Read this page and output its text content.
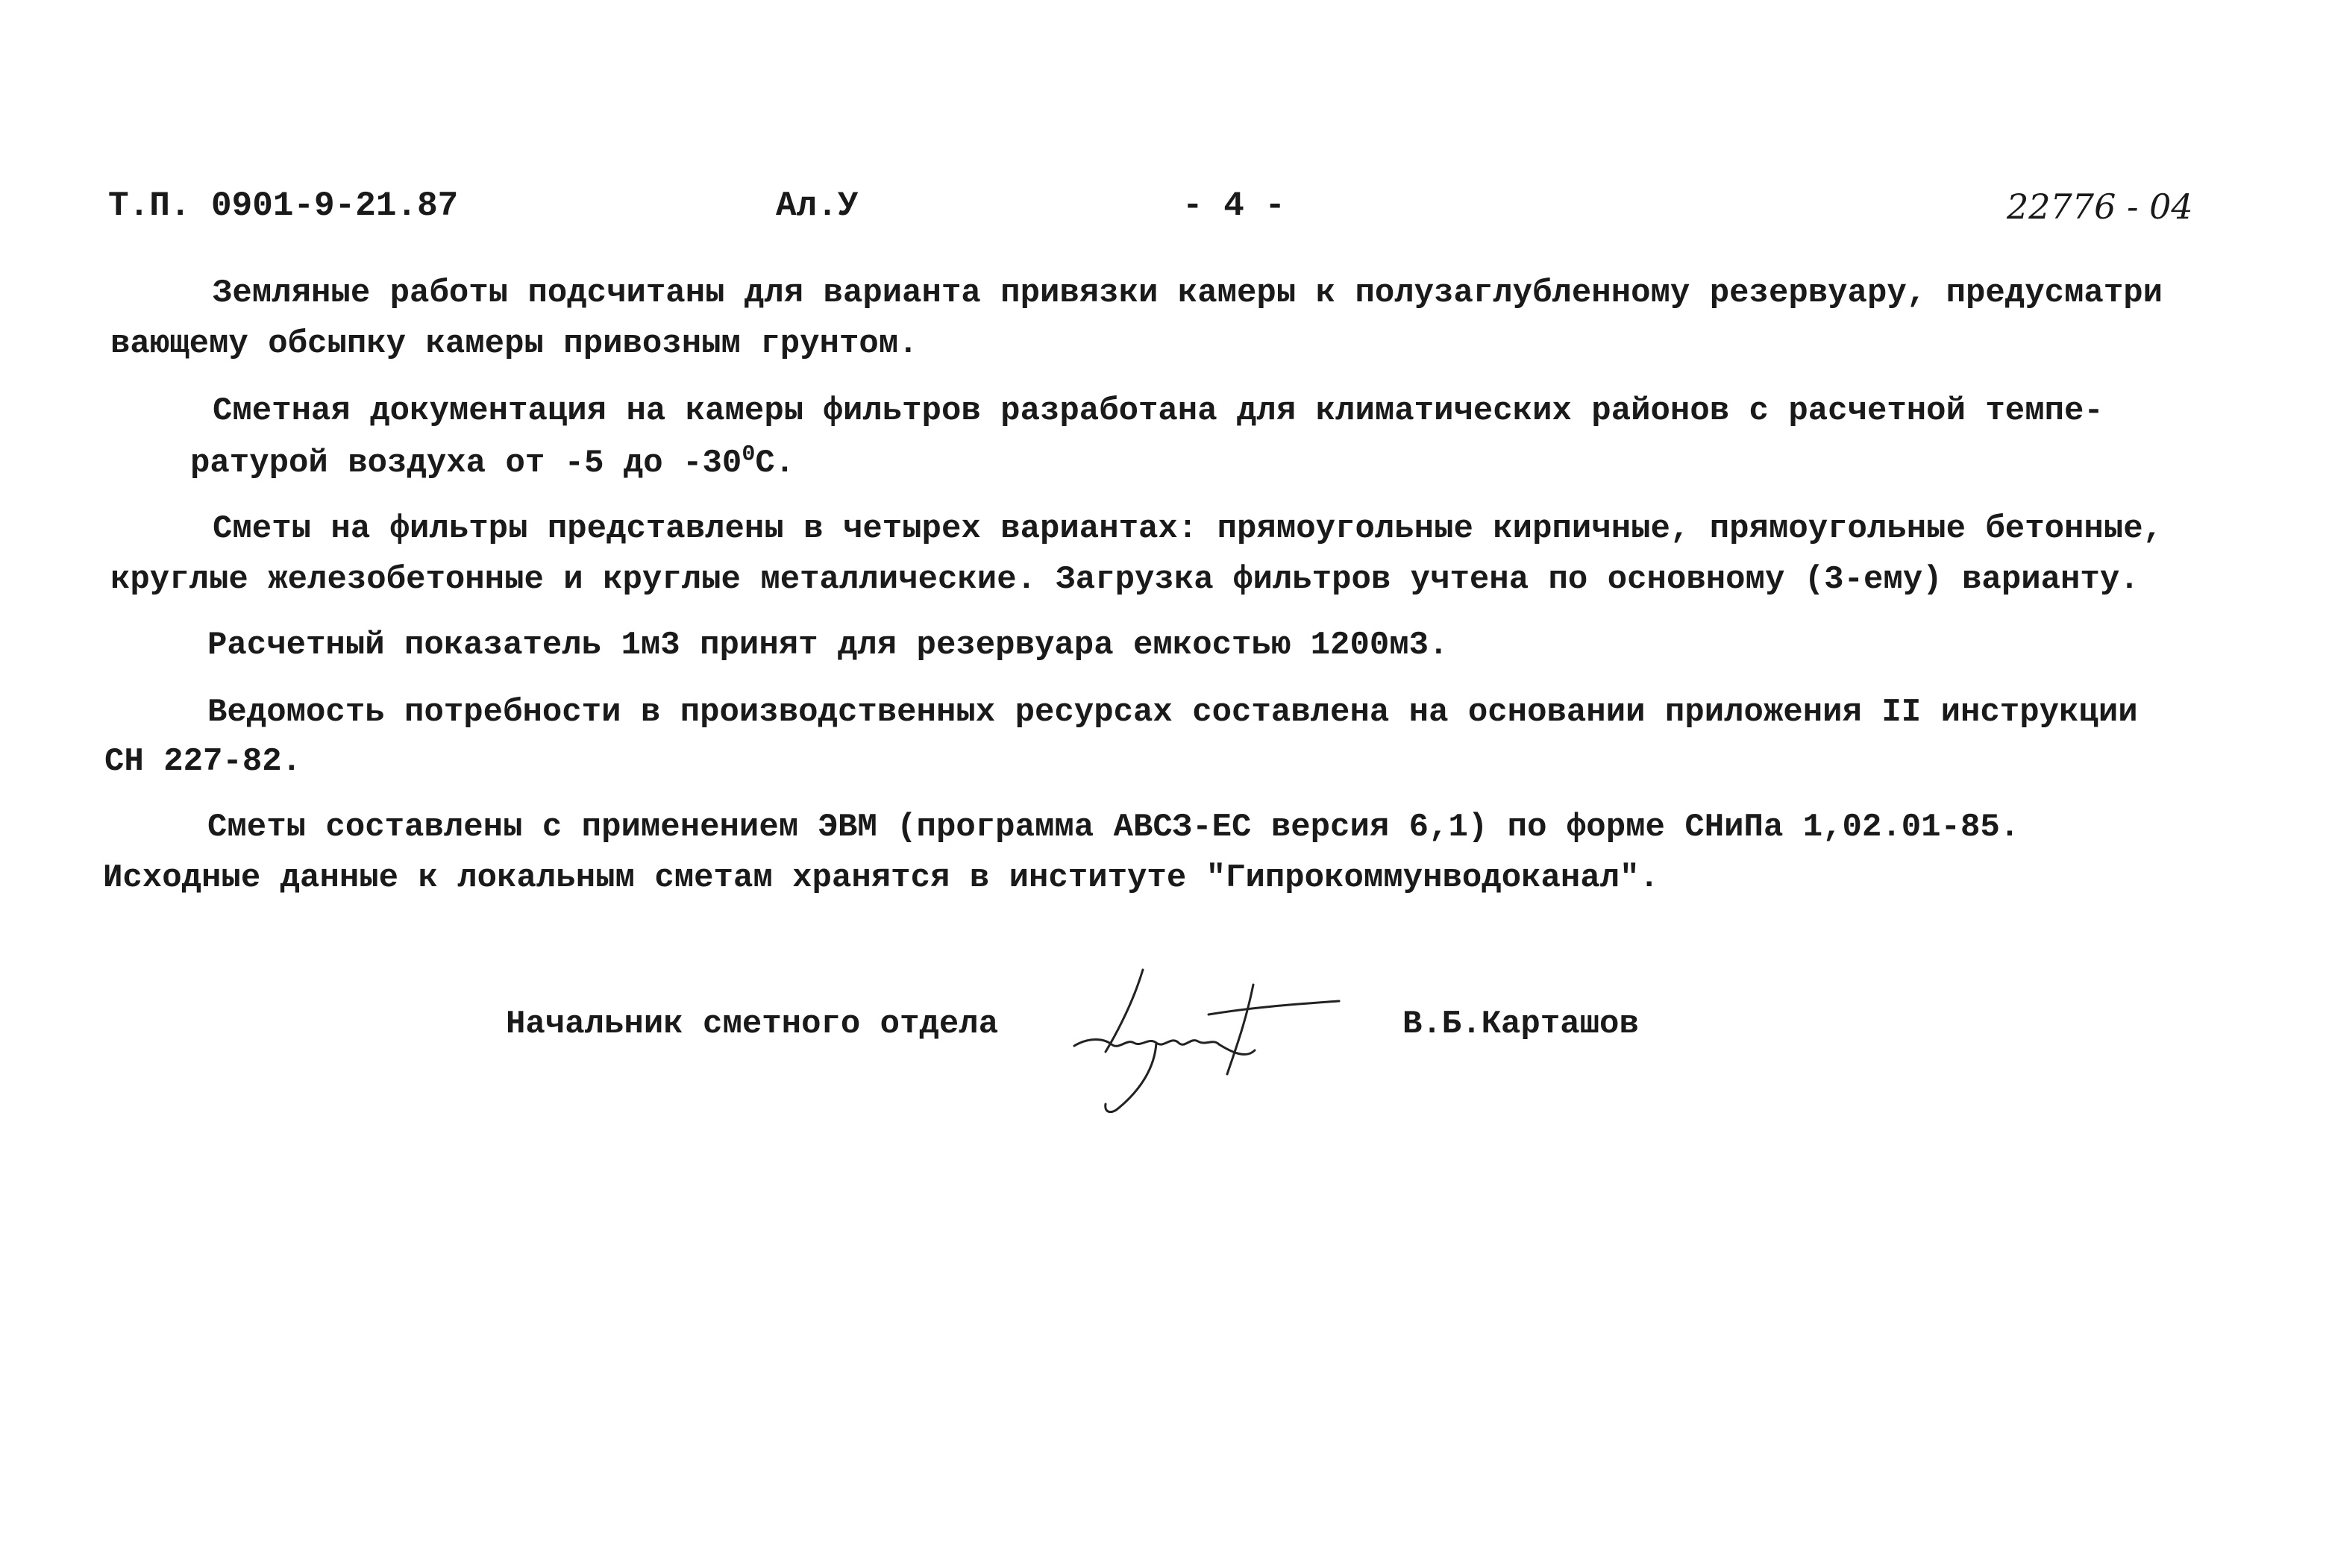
Т.П. 0901-9-21.87	Ал.У	- 4 -	22776 - 04
Земляные работы подсчитаны для варианта привязки камеры к полузаглубленному резервуару, предусматри
вающему обсыпку камеры привозным грунтом.
Сметная документация на камеры фильтров разработана для климатических районов с расчетной темпе-
ратурой воздуха от -5 до $-30^0С$.
Сметы на фильтры представлены в четырех вариантах: прямоугольные кирпичные, прямоугольные бетонные,
круглые железобетонные и круглые металлические. Загрузка фильтров учтена по основному (3-ему) варианту.
Расчетный показатель 1м3 принят для резервуара емкостью 1200м3.
Ведомость потребности в производственных ресурсах составлена на основании приложения II инструкции
СН 227-82.
Сметы составлены с применением ЭВМ (программа АВСЗ-ЕС версия 6,1) по форме СНиПа 1,02.01-85.
Исходные данные к локальным сметам хранятся в институте "Гипрокоммунводоканал".
Начальник сметного отдела	В.Б.Карташов
